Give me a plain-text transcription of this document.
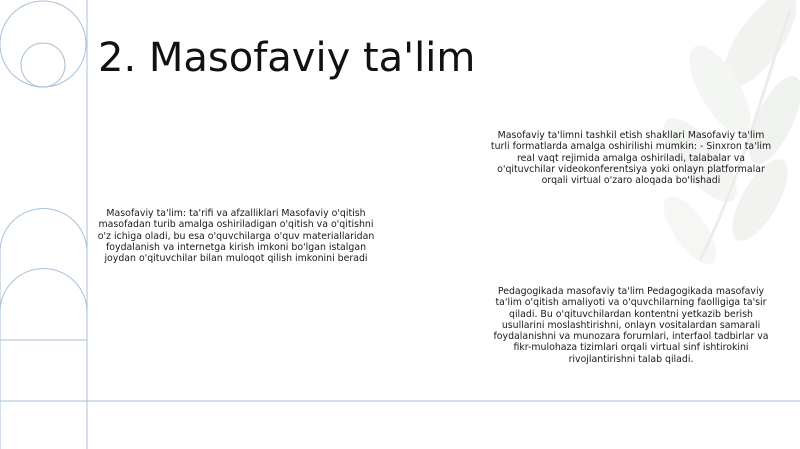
2. Masofaviy ta'lim

Masofaviy ta'lim: ta'rifi va afzalliklari Masofaviy o'qitish masofadan turib amalga oshiriladigan o'qitish va o'qitishni o'z ichiga oladi, bu esa o'quvchilarga o'quv materiallaridan foydalanish va internetga kirish imkoni bo'lgan istalgan joydan o'qituvchilar bilan muloqot qilish imkonini beradi

Masofaviy ta'limni tashkil etish shakllari Masofaviy ta'lim turli formatlarda amalga oshirilishi mumkin: - Sinxron ta'lim real vaqt rejimida amalga oshiriladi, talabalar va o'qituvchilar videokonferentsiya yoki onlayn platformalar orqali virtual o'zaro aloqada bo'lishadi

Pedagogikada masofaviy ta'lim Pedagogikada masofaviy ta'lim o'qitish amaliyoti va o'quvchilarning faolligiga ta'sir qiladi. Bu o'qituvchilardan kontentni yetkazib berish usullarini moslashtirishni, onlayn vositalardan samarali foydalanishni va munozara forumlari, interfaol tadbirlar va fikr-mulohaza tizimlari orqali virtual sinf ishtirokini rivojlantirishni talab qiladi.
